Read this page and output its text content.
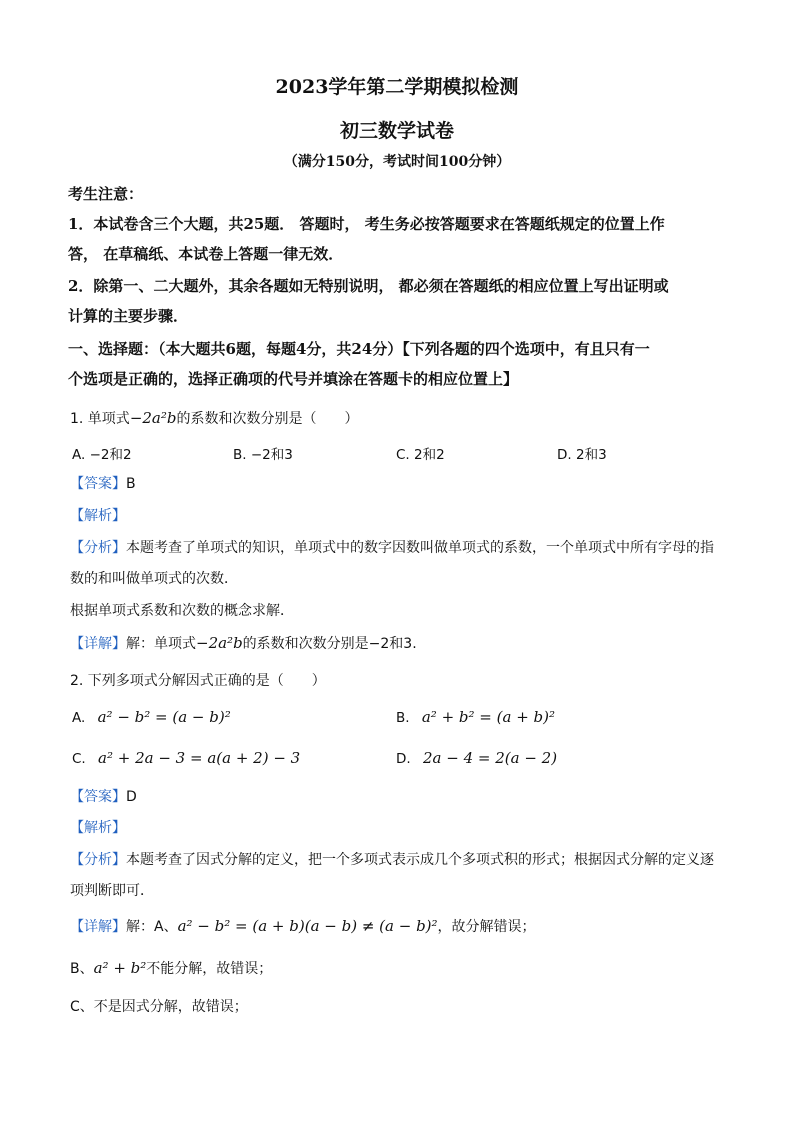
2023学年第二学期模拟检测
初三数学试卷
（满分150分，考试时间100分钟）
考生注意：
1．本试卷含三个大题，共25题． 答题时， 考生务必按答题要求在答题纸规定的位置上作
答， 在草稿纸、本试卷上答题一律无效．
2．除第一、二大题外，其余各题如无特别说明， 都必须在答题纸的相应位置上写出证明或
计算的主要步骤．
一、选择题：（本大题共6题，每题4分，共24分）【下列各题的四个选项中，有且只有一
个选项是正确的，选择正确项的代号并填涂在答题卡的相应位置上】
1. 单项式−2a²b的系数和次数分别是（　　）
A. −2和2	B. −2和3	C. 2和2	D. 2和3
【答案】B
【解析】
【分析】本题考查了单项式的知识，单项式中的数字因数叫做单项式的系数，一个单项式中所有字母的指
数的和叫做单项式的次数．
根据单项式系数和次数的概念求解．
【详解】解：单项式−2a²b的系数和次数分别是−2和3.
2. 下列多项式分解因式正确的是（　　）
A. a² − b² = (a − b)²	B. a² + b² = (a + b)²
C. a² + 2a − 3 = a(a + 2) − 3	D. 2a − 4 = 2(a − 2)
【答案】D
【解析】
【分析】本题考查了因式分解的定义，把一个多项式表示成几个多项式积的形式；根据因式分解的定义逐
项判断即可．
【详解】解：A、a² − b² = (a + b)(a − b) ≠ (a − b)²，故分解错误；
B、a² + b²不能分解，故错误；
C、不是因式分解，故错误；
